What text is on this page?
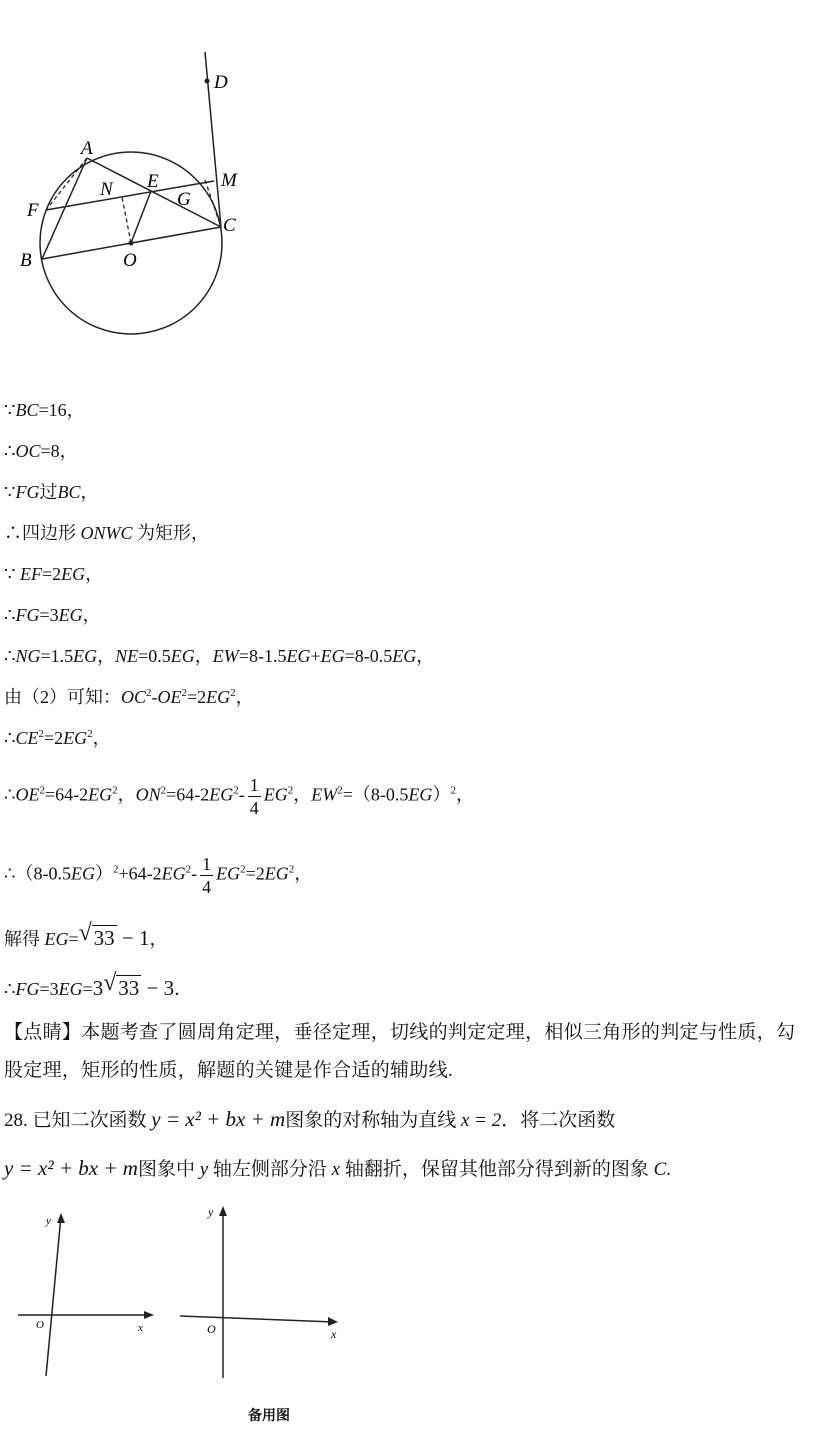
D
A
N E	M
G
F
C
B	O
∵BC=16，
∴OC=8，
∵FG过BC，
∴四边形 ONWC 为矩形，
∵ EF=2EG，
∴FG=3EG，
∴NG=1.5EG，NE=0.5EG，EW=8-1.5EG+EG=8-0.5EG，
由（2）可知：$OC^2-OE^2=2EG^2$，
$\therefore CE^2=2EG^2$，
$\therefore OE^2=64-2EG^2$，$ON^2=64-2EG^2- \frac{1}{4} EG^2$，$EW^2=(8-0.5EG)^2$，
$\therefore(8-0.5EG)^2+64-2EG^2- \frac{1}{4} EG^2=2EG^2$，
解得 EG= √ 33 − 1，
∴FG=3EG=3 √ 33 − 3．
【点睛】本题考查了圆周角定理，垂径定理，切线的判定定理，相似三角形的判定与性质，勾股定理，矩形的性质，解题的关键是作合适的辅助线.
28. 已知二次函数 y = x² + bx + m图象的对称轴为直线 x = 2．将二次函数
y = x² + bx + m图象中 y 轴左侧部分沿 x 轴翻折，保留其他部分得到新的图象 C.
y
x
O
y
x
O
备用图
